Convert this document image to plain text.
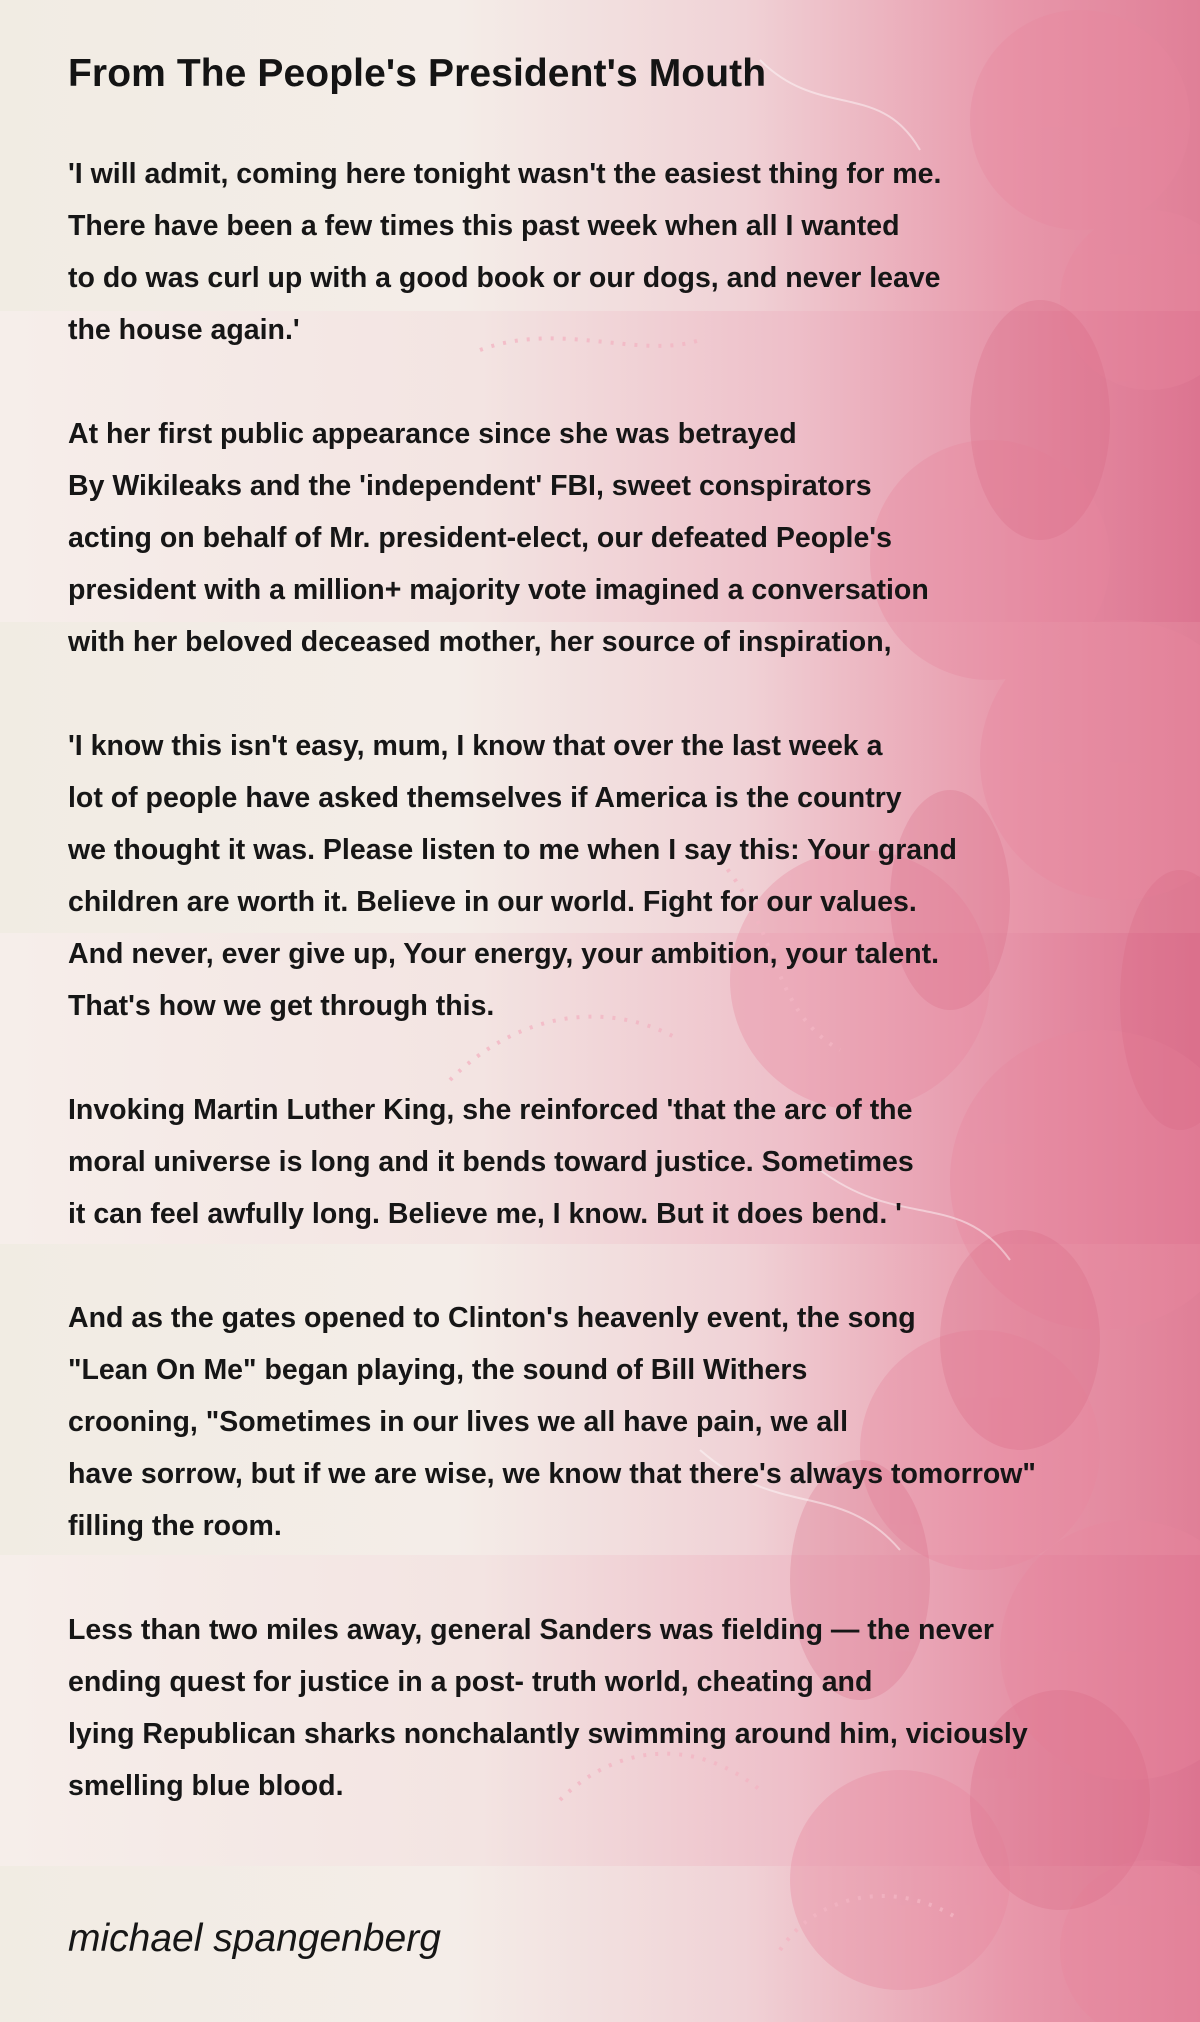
From The People's President's Mouth
'I will admit, coming here tonight wasn't the easiest thing for me.
There have been a few times this past week when all I wanted
to do was curl up with a good book or our dogs, and never leave
the house again.'
At her first public appearance since she was betrayed
By Wikileaks and the 'independent' FBI, sweet conspirators
acting on behalf of Mr. president-elect, our defeated People's
president with a million+ majority vote imagined a conversation
with her beloved deceased mother, her source of inspiration,
'I know this isn't easy, mum, I know that over the last week a
lot of people have asked themselves if America is the country
we thought it was. Please listen to me when I say this: Your grand
children are worth it. Believe in our world. Fight for our values.
And never, ever give up, Your energy, your ambition, your talent.
That's how we get through this.
Invoking Martin Luther King, she reinforced 'that the arc of the
moral universe is long and it bends toward justice. Sometimes
it can feel awfully long. Believe me, I know. But it does bend. '
And as the gates opened to Clinton's heavenly event, the song
"Lean On Me" began playing, the sound of Bill Withers
crooning, "Sometimes in our lives we all have pain, we all
have sorrow, but if we are wise, we know that there's always tomorrow"
filling the room.
Less than two miles away, general Sanders was fielding — the never
ending quest for justice in a post- truth world, cheating and
lying Republican sharks nonchalantly swimming around him, viciously
smelling blue blood.
michael spangenberg
